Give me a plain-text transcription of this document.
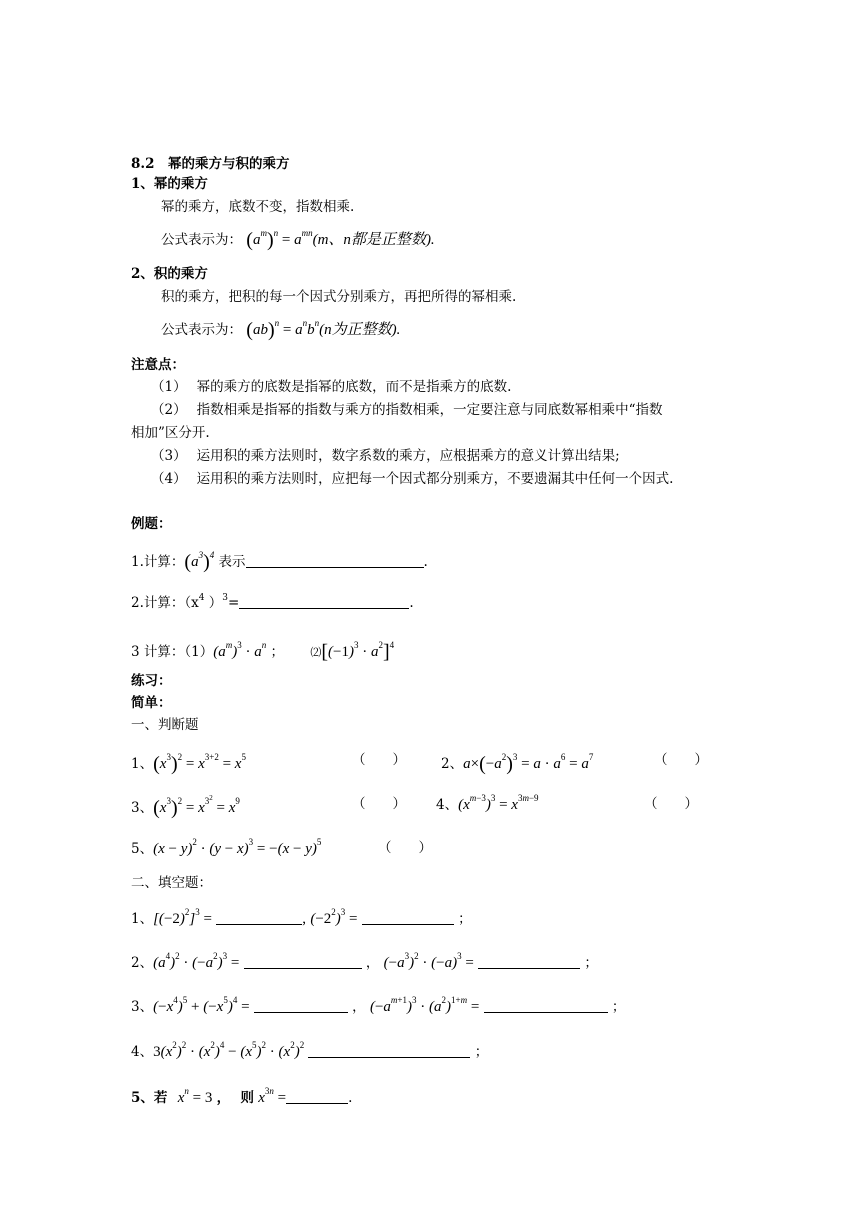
8.2　幂的乘方与积的乘方
1、幂的乘方
幂的乘方，底数不变，指数相乘.
公式表示为： $(a^m)^n = a^{mn}(m$、n都是正整数).
2、积的乘方
积的乘方，把积的每一个因式分别乘方，再把所得的幂相乘.
公式表示为： $(ab)^n = a^nb^n(n$为正整数).
注意点：
（1） 幂的乘方的底数是指幂的底数，而不是指乘方的底数.
（2） 指数相乘是指幂的指数与乘方的指数相乘，一定要注意与同底数幂相乘中“指数
相加”区分开.
（3） 运用积的乘方法则时，数字系数的乘方，应根据乘方的意义计算出结果;
（4） 运用积的乘方法则时，应把每一个因式都分别乘方，不要遗漏其中任何一个因式.
例题：
1.计算：$(a^3)^4$ 表示	.
2.计算：（$x^4$ ）$^3$=	.
3 计算：$(1)(a^m)^3 \cdot a^n$ ； $⑵[(-1)^3 \cdot a^2]^4$
练习：
简单：
一、判断题
1、$(x^3)^2 = x^{3+2} = x^5$	（　　）	2、$a\times(-a^2)^3 = a \cdot a^6 = a^7$	（　　）
3、$(x^3)^2 = x^{3^2} = x^9$	（　　） 4、$(x^{m-3})^3 = x^{3m-9}$	（　　）
5、$(x - y)^2 \cdot (y - x)^3 = -(x - y)^5$	（　　）
二、填空题：
1、$[(-2)^2]^3$ =	, $(-2^2)^3$ =	；
2、$(a^4)^2 \cdot (-a^2)^3$ =	， $(-a^3)^2 \cdot (-a)^3$ =	；
3、$(-x^4)^5 + (-x^5)^4$ =	， $(-a^{m+1})^3 \cdot (a^2)^{1+m}$ =	；
4、$3(x^2)^2 \cdot (x^2)^4 - (x^5)^2 \cdot (x^2)^2$	；
5、若 $x^n = 3$ ， 则 $x^{3n}$ =	.
